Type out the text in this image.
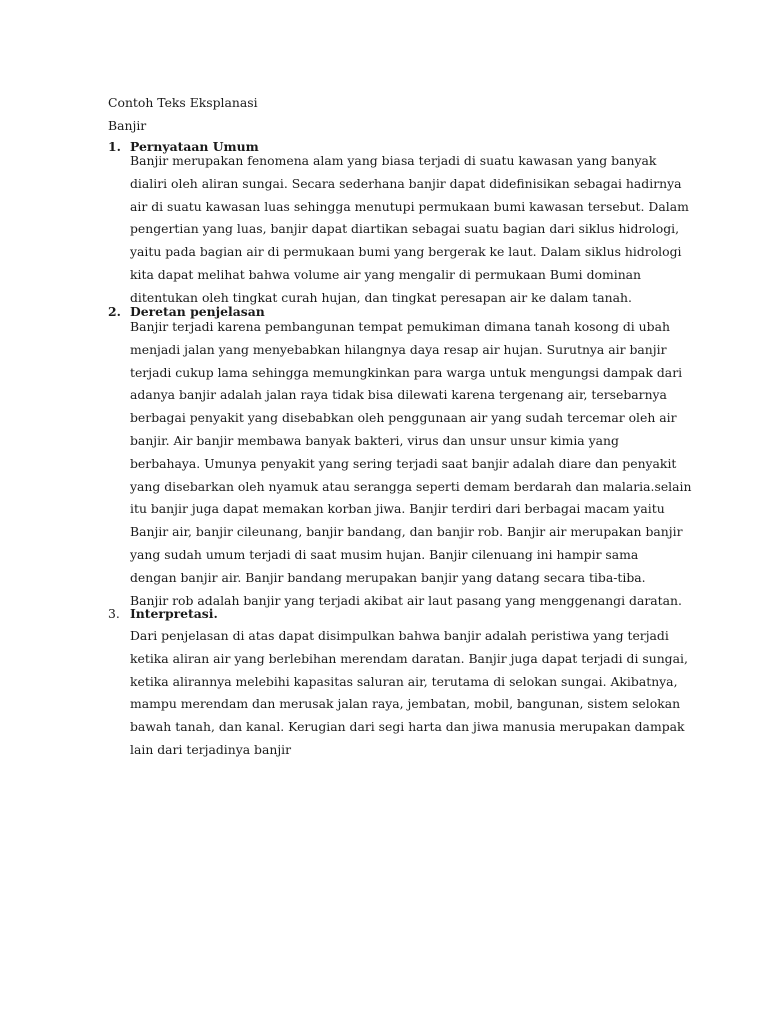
Contoh Teks Eksplanasi
Banjir
1. Pernyataan Umum
Banjir merupakan fenomena alam yang biasa terjadi di suatu kawasan yang banyak
dialiri oleh aliran sungai. Secara sederhana banjir dapat didefinisikan sebagai hadirnya
air di suatu kawasan luas sehingga menutupi permukaan bumi kawasan tersebut. Dalam
pengertian yang luas, banjir dapat diartikan sebagai suatu bagian dari siklus hidrologi,
yaitu pada bagian air di permukaan bumi yang bergerak ke laut. Dalam siklus hidrologi
kita dapat melihat bahwa volume air yang mengalir di permukaan Bumi dominan
ditentukan oleh tingkat curah hujan, dan tingkat peresapan air ke dalam tanah.
2. Deretan penjelasan
Banjir terjadi karena pembangunan tempat pemukiman dimana tanah kosong di ubah
menjadi jalan yang menyebabkan hilangnya daya resap air hujan. Surutnya air banjir
terjadi cukup lama sehingga memungkinkan para warga untuk mengungsi dampak dari
adanya banjir adalah jalan raya tidak bisa dilewati karena tergenang air, tersebarnya
berbagai penyakit yang disebabkan oleh penggunaan air yang sudah tercemar oleh air
banjir. Air banjir membawa banyak bakteri, virus dan unsur unsur kimia yang
berbahaya. Umunya penyakit yang sering terjadi saat banjir adalah diare dan penyakit
yang disebarkan oleh nyamuk atau serangga seperti demam berdarah dan malaria.selain
itu banjir juga dapat memakan korban jiwa. Banjir terdiri dari berbagai macam yaitu
Banjir air, banjir cileunang, banjir bandang, dan banjir rob. Banjir air merupakan banjir
yang sudah umum terjadi di saat musim hujan. Banjir cilenuang ini hampir sama
dengan banjir air. Banjir bandang merupakan banjir yang datang secara tiba-tiba.
Banjir rob adalah banjir yang terjadi akibat air laut pasang yang menggenangi daratan.
3. Interpretasi.
Dari penjelasan di atas dapat disimpulkan bahwa banjir adalah peristiwa yang terjadi
ketika aliran air yang berlebihan merendam daratan. Banjir juga dapat terjadi di sungai,
ketika alirannya melebihi kapasitas saluran air, terutama di selokan sungai. Akibatnya,
mampu merendam dan merusak jalan raya, jembatan, mobil, bangunan, sistem selokan
bawah tanah, dan kanal. Kerugian dari segi harta dan jiwa manusia merupakan dampak
lain dari terjadinya banjir
